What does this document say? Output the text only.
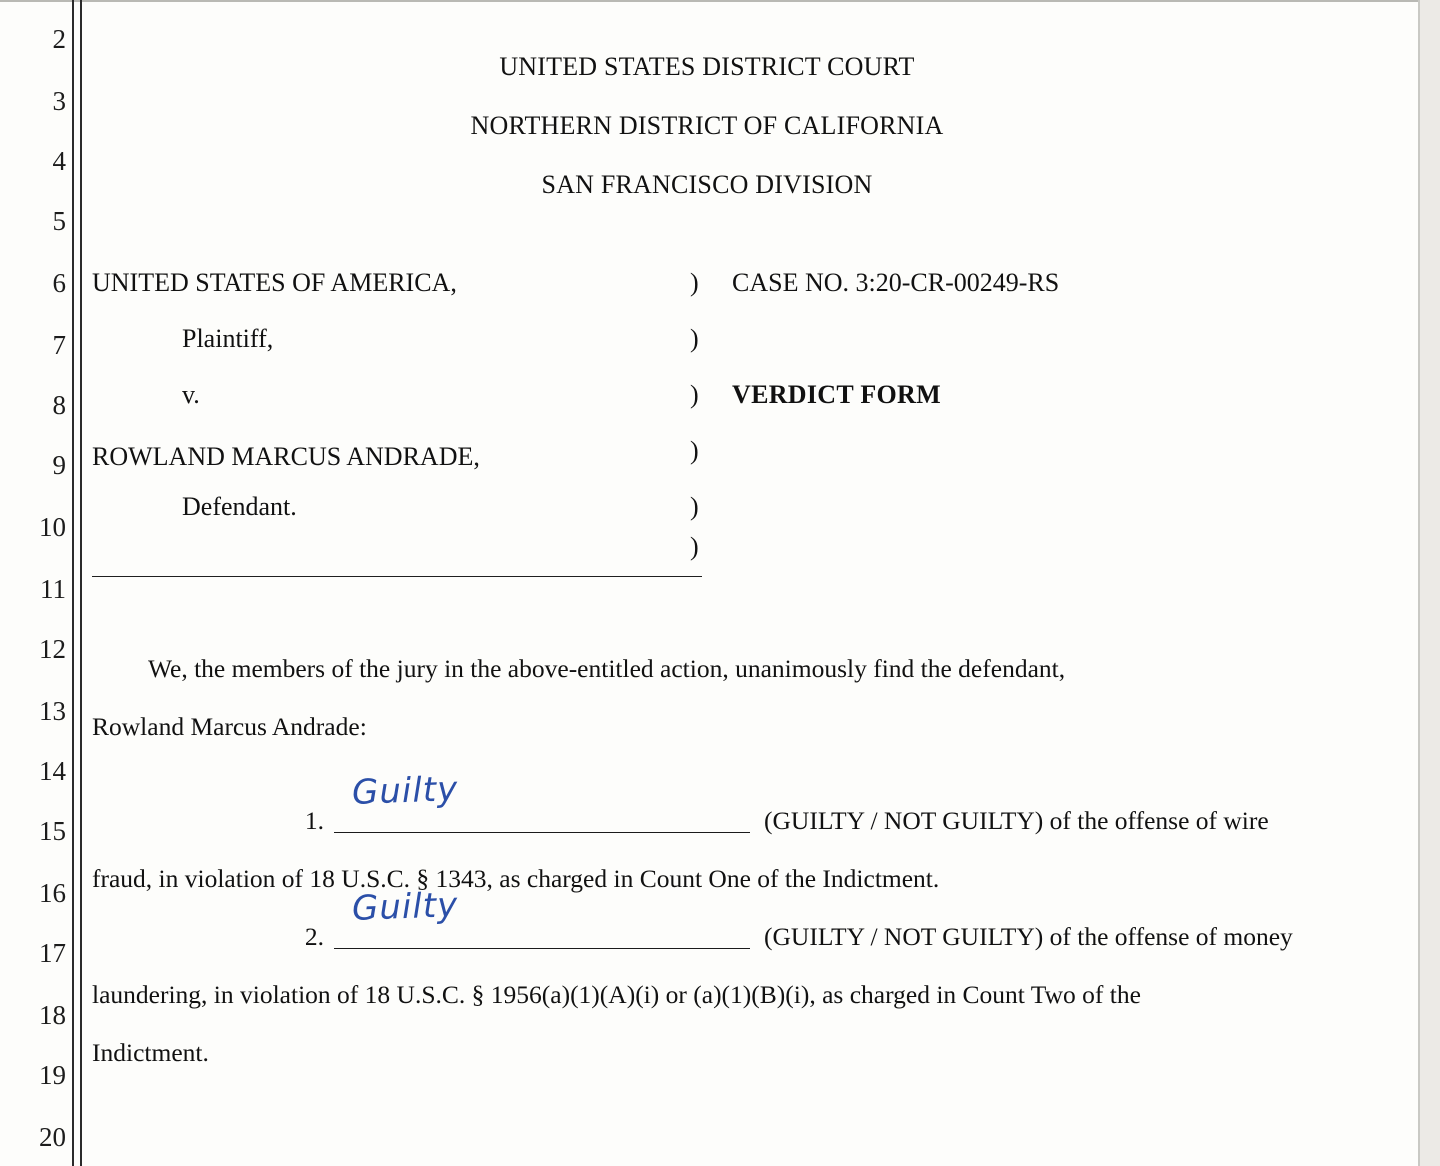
2
3
4
5
6
7
8
9
10
11
12
13
14
15
16
17
18
19
20
UNITED STATES DISTRICT COURT
NORTHERN DISTRICT OF CALIFORNIA
SAN FRANCISCO DIVISION
UNITED STATES OF AMERICA,	) CASE NO. 3:20-CR-00249-RS
Plaintiff,	)
v.	) VERDICT FORM
ROWLAND MARCUS ANDRADE,	)
Defendant.	)
)

We, the members of the jury in the above-entitled action, unanimously find the defendant,

Rowland Marcus Andrade:

1.
Guilty
(GUILTY / NOT GUILTY) of the offense of wire
fraud, in violation of 18 U.S.C. § 1343, as charged in Count One of the Indictment.
2.
Guilty
(GUILTY / NOT GUILTY) of the offense of money
laundering, in violation of 18 U.S.C. § 1956(a)(1)(A)(i) or (a)(1)(B)(i), as charged in Count Two of the
Indictment.
